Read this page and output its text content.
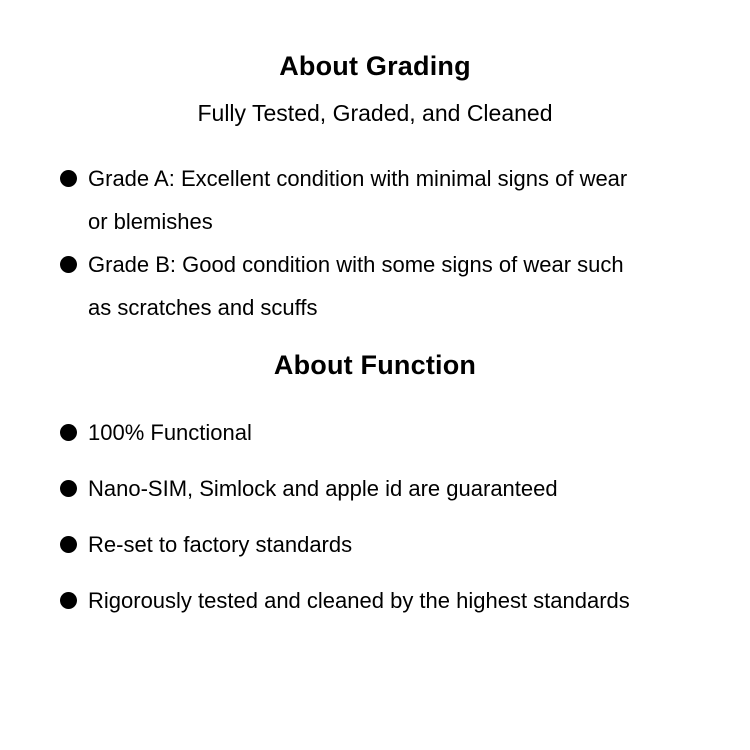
About Grading

Fully Tested, Graded, and Cleaned

Grade A: Excellent condition with minimal signs of wear or blemishes
Grade B: Good condition with some signs of wear such as scratches and scuffs
About Function
100% Functional
Nano-SIM, Simlock and apple id are guaranteed
Re-set to factory standards
Rigorously tested and cleaned by the highest standards
